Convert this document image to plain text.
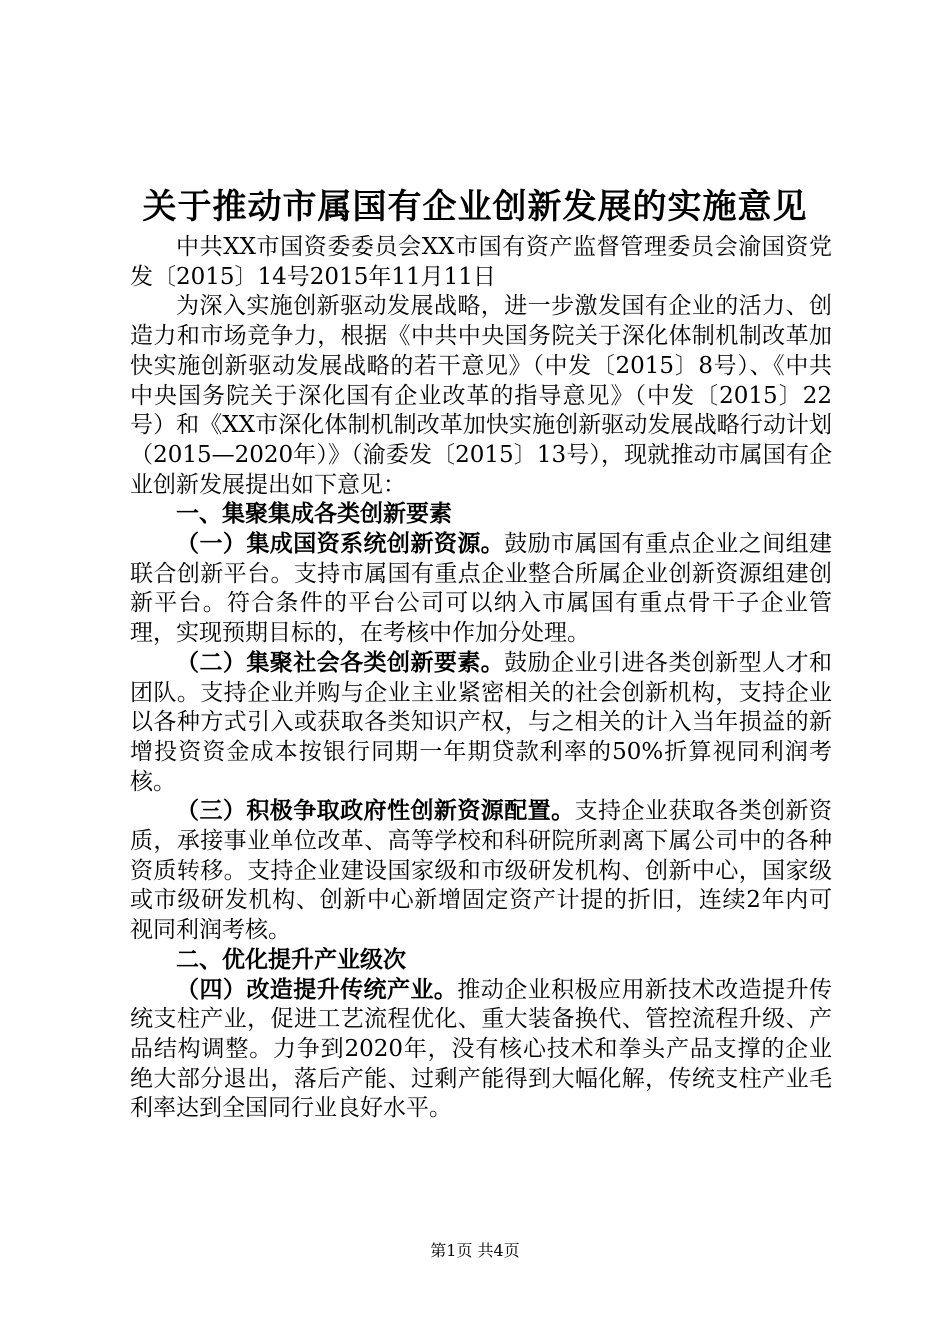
关于推动市属国有企业创新发展的实施意见

中共XX市国资委委员会XX市国有资产监督管理委员会渝国资党发〔2015〕14号2015年11月11日

为深入实施创新驱动发展战略，进一步激发国有企业的活力、创造力和市场竞争力，根据《中共中央国务院关于深化体制机制改革加快实施创新驱动发展战略的若干意见》（中发〔2015〕8号）、《中共中央国务院关于深化国有企业改革的指导意见》（中发〔2015〕22号）和《XX市深化体制机制改革加快实施创新驱动发展战略行动计划（2015—2020年）》（渝委发〔2015〕13号），现就推动市属国有企业创新发展提出如下意见：

一、集聚集成各类创新要素

（一）集成国资系统创新资源。鼓励市属国有重点企业之间组建联合创新平台。支持市属国有重点企业整合所属企业创新资源组建创新平台。符合条件的平台公司可以纳入市属国有重点骨干子企业管理，实现预期目标的，在考核中作加分处理。

（二）集聚社会各类创新要素。鼓励企业引进各类创新型人才和团队。支持企业并购与企业主业紧密相关的社会创新机构，支持企业以各种方式引入或获取各类知识产权，与之相关的计入当年损益的新增投资资金成本按银行同期一年期贷款利率的50%折算视同利润考核。

（三）积极争取政府性创新资源配置。支持企业获取各类创新资质，承接事业单位改革、高等学校和科研院所剥离下属公司中的各种资质转移。支持企业建设国家级和市级研发机构、创新中心，国家级或市级研发机构、创新中心新增固定资产计提的折旧，连续2年内可视同利润考核。

二、优化提升产业级次

（四）改造提升传统产业。推动企业积极应用新技术改造提升传统支柱产业，促进工艺流程优化、重大装备换代、管控流程升级、产品结构调整。力争到2020年，没有核心技术和拳头产品支撑的企业绝大部分退出，落后产能、过剩产能得到大幅化解，传统支柱产业毛利率达到全国同行业良好水平。

第1页 共4页
